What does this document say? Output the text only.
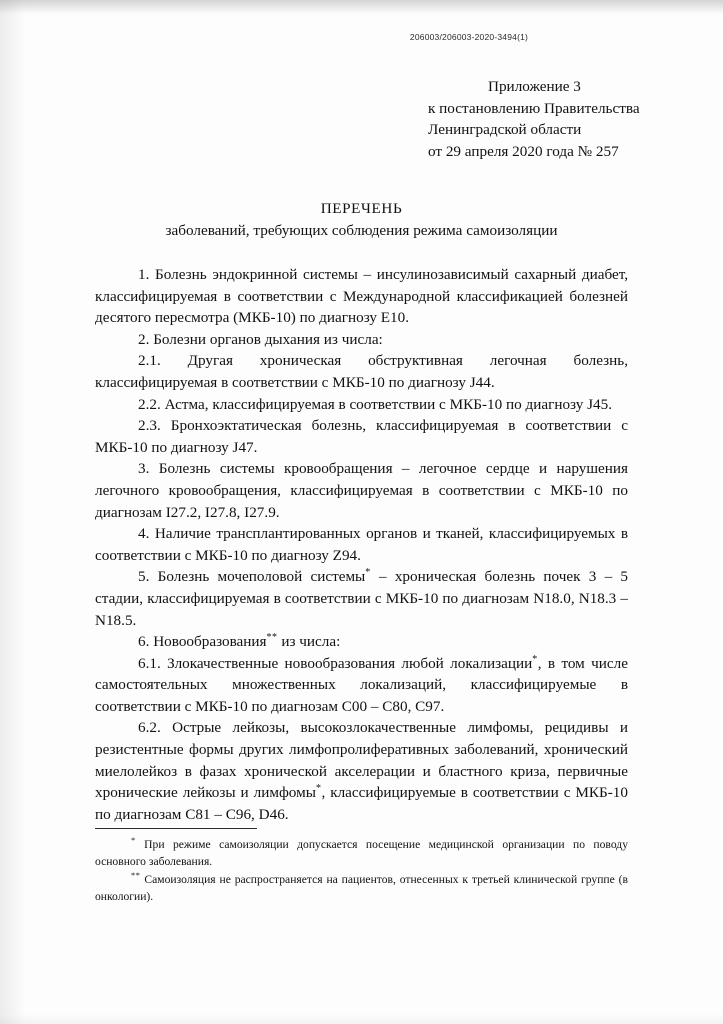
206003/206003-2020-3494(1)
Приложение 3
к постановлению Правительства
Ленинградской области
от 29 апреля 2020 года № 257
ПЕРЕЧЕНЬ
заболеваний, требующих соблюдения режима самоизоляции

1. Болезнь эндокринной системы – инсулинозависимый сахарный диабет, классифицируемая в соответствии с Международной классификацией болезней десятого пересмотра (МКБ-10) по диагнозу E10.

2. Болезни органов дыхания из числа:

2.1. Другая хроническая обструктивная легочная болезнь, классифицируемая в соответствии с МКБ-10 по диагнозу J44.

2.2. Астма, классифицируемая в соответствии с МКБ-10 по диагнозу J45.

2.3. Бронхоэктатическая болезнь, классифицируемая в соответствии с МКБ-10 по диагнозу J47.

3. Болезнь системы кровообращения – легочное сердце и нарушения легочного кровообращения, классифицируемая в соответствии с МКБ-10 по диагнозам I27.2, I27.8, I27.9.

4. Наличие трансплантированных органов и тканей, классифицируемых в соответствии с МКБ-10 по диагнозу Z94.

5. Болезнь мочеполовой системы* – хроническая болезнь почек 3 – 5 стадии, классифицируемая в соответствии с МКБ-10 по диагнозам N18.0, N18.3 – N18.5.

6. Новообразования** из числа:

6.1. Злокачественные новообразования любой локализации*, в том числе самостоятельных множественных локализаций, классифицируемые в соответствии с МКБ-10 по диагнозам C00 – C80, C97.

6.2. Острые лейкозы, высокозлокачественные лимфомы, рецидивы и резистентные формы других лимфопролиферативных заболеваний, хронический миелолейкоз в фазах хронической акселерации и бластного криза, первичные хронические лейкозы и лимфомы*, классифицируемые в соответствии с МКБ-10 по диагнозам C81 – C96, D46.

* При режиме самоизоляции допускается посещение медицинской организации по поводу основного заболевания.

** Самоизоляция не распространяется на пациентов, отнесенных к третьей клинической группе (в онкологии).
